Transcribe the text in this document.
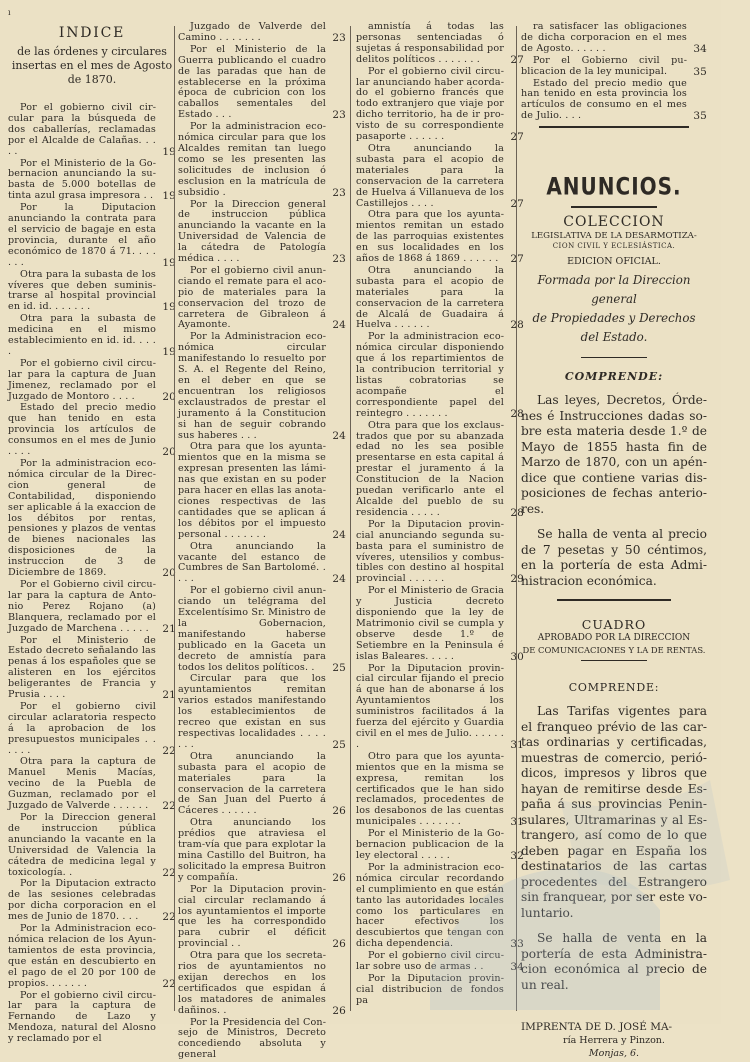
ı
INDICE
de las órdenes y circulares
insertas en el mes de Agosto
de 1870.
Por el gobierno civil circular para la búsqueda de dos caballerías, reclamadas por el Alcalde de Calañas. . . . .	19
Por el Ministerio de la Gobernacion anunciando la subasta de 5.000 botellas de tinta azul grasa impresora . . 19
Por la Diputacion anunciando la contrata para el servicio de bagaje en esta provincia, durante el año económico de 1870 á 71. . . . . . .	19
Otra para la subasta de los víveres que deben suministrarse al hospital provincial en id. id. . . . . . .	19
Otra para la subasta de medicina en el mismo establecimiento en id. id. . . . .	19
Por el gobierno civil circular para la captura de Juan Jimenez, reclamado por el Juzgado de Montoro . . . .	20
Estado del precio medio que han tenido en esta provincia los artículos de consumos en el mes de Junio . . . .	20
Por la administracion económica circular de la Direccion general de Contabilidad, disponiendo ser aplicable á la exaccion de los débitos por rentas, pensiones y plazos de ventas de bienes nacionales las disposiciones de la instruccion de 3 de Diciembre de 1869.	20
Por el Gobierno civil circular para la captura de Antonio Perez Rojano (a) Blanquera, reclamado por el Juzgado de Marchena . . . . .	21
Por el Ministerio de Estado decreto señalando las penas á los españoles que se alisteren en los ejércitos beligerantes de Francia y Prusia . . . .	21
Por el gobierno civil circular aclaratoria respecto á la aprobacion de los presupuestos municipales . . . . . .	22
Otra para la captura de Manuel Menis Macías, vecino de la Puebla de Guzman, reclamado por el Juzgado de Valverde . . . . . .	22
Por la Direccion general de instruccion pública anunciando la vacante en la Universidad de Valencia la cátedra de medicina legal y toxicología. .	22
Por la Diputacion extracto de las sesiones celebradas por dicha corporacion en el mes de Junio de 1870. . . .	22
Por la Administracion económica relacion de los Ayuntamientos de esta provincia, que están en descubierto en el pago de el 20 por 100 de propios. . . . . . .	22
Por el gobierno civil circular para la captura de Fernando de Lazo y Mendoza, natural del Alosno y reclamado por el
Juzgado de Valverde del Camino . . . . . . .	23
Por el Ministerio de la Guerra publicando el cuadro de las paradas que han de establecerse en la próxima época de cubricion con los caballos sementales del Estado . . .	23
Por la administracion económica circular para que los Alcaldes remitan tan luego como se les presenten las solicitudes de inclusion ó esclusion en la matrícula de subsidio .	23
Por la Direccion general de instruccion pública anunciando la vacante en la Universidad de Valencia de la cátedra de Patología médica . . . .	23
Por el gobierno civil anunciando el remate para el acopio de materiales para la conservacion del trozo de carretera de Gibraleon á Ayamonte.	24
Por la Administracion económica circular manifestando lo resuelto por S. A. el Regente del Reino, en el deber en que se encuentran los religiosos exclaustrados de prestar el juramento á la Constitucion si han de seguir cobrando sus haberes . . .	24
Otra para que los ayuntamientos que en la misma se expresan presenten las láminas que existan en su poder para hacer en ellas las anotaciones respectivas de las cantidades que se aplican á los débitos por el impuesto personal . . . . . . .	24
Otra anunciando la vacante del estanco de Cumbres de San Bartolomé. . . . .	24
Por el gobierno civil anunciando un telégrama del Excelentísimo Sr. Ministro de la Gobernacion, manifestando haberse publicado en la Gaceta un decreto de amnistía para todos los delitos políticos. .	25
Circular para que los ayuntamientos remitan varios estados manifestando los establecimientos de recreo que existan en sus respectivas localidades . . . . . . .	25
Otra anunciando la subasta para el acopio de materiales para la conservacion de la carretera de San Juan del Puerto á Cáceres . . . . . .	26
Otra anunciando los prédios que atraviesa el tram-vía que para explotar la mina Castillo del Buitron, ha solicitado la empresa Buitron y compañía.	26
Por la Diputacion provincial circular reclamando á los ayuntamientos el importe que les ha correspondido para cubrir el déficit provincial . .	26
Otra para que los secretarios de ayuntamientos no exijan derechos en los certificados que espidan á los matadores de animales dañinos. .	26
Por la Presidencia del Consejo de Ministros, Decreto concediendo absoluta y general
amnistía á todas las personas sentenciadas ó sujetas á responsabilidad por delitos políticos . . . . . . .	27
Por el gobierno civil circular anunciando haber acordado el gobierno francés que todo extranjero que viaje por dicho territorio, ha de ir provisto de su correspondiente pasaporte . . . . . .	27
Otra anunciando la subasta para el acopio de materiales para la conservacion de la carretera de Huelva á Villanueva de los Castillejos . . . .	27
Otra para que los ayuntamientos remitan un estado de las parroquias existentes en sus localidades en los años de 1868 á 1869 . . . . . .	27
Otra anunciando la subasta para el acopio de materiales para la conservacion de la carretera de Alcalá de Guadaira á Huelva . . . . . .	28
Por la administracion económica circular disponiendo que á los repartimientos de la contribucion territorial y listas cobratorias se acompañe el correspondiente papel del reintegro . . . . . . .	28
Otra para que los exclaustrados que por su abanzada edad no les sea posible presentarse en esta capital á prestar el juramento á la Constitucion de la Nacion puedan verificarlo ante el Alcalde del pueblo de su residencia . . . . .	28
Por la Diputacion provincial anunciando segunda subasta para el suministro de víveres, utensilios y combustibles con destino al hospital provincial . . . . . .	29
Por el Ministerio de Gracia y Justicia decreto disponiendo que la ley de Matrimonio civil se cumpla y observe desde 1.º de Setiembre en la Peninsula é islas Baleares. . . . .	30
Por la Diputacion provincial circular fijando el precio á que han de abonarse á los Ayuntamientos los suministros facilitados á la fuerza del ejército y Guardia civil en el mes de Julio. . . . . . .	31
Otro para que los ayuntamientos que en la misma se expresa, remitan los certificados que le han sido reclamados, procedentes de los desabonos de las cuentas municipales . . . . . . .	31
Por el Ministerio de la Gobernacion publicacion de la ley electoral . . . . .	32
Por la administracion económica circular recordando el cumplimiento en que están tanto las autoridades locales como los particulares en hacer efectivos los descubiertos que tengan con dicha dependencia.	33
Por el gobierno civil circular sobre uso de armas . .	34
Por la Diputacion provincial distribucion de fondos pa
ra satisfacer las obligaciones de dicha corporacion en el mes de Agosto. . . . . .	34
Por el Gobierno civil publicacion de la ley municipal.	35
Estado del precio medio que han tenido en esta provincia los artículos de consumo en el mes de Julio. . . .	35
ANUNCIOS.
COLECCION
LEGISLATIVA DE LA DESARMOTIZA-
CION CIVIL Y ECLESIÁSTICA.
EDICION OFICIAL.
Formada por la Direccion general
de Propiedades y Derechos
del Estado.
COMPRENDE:

Las leyes, Decretos, Órdenes é Instrucciones dadas sobre esta materia desde 1.º de Mayo de 1855 hasta fin de Marzo de 1870, con un apéndice que contiene varias disposiciones de fechas anteriores.

Se halla de venta al precio de 7 pesetas y 50 céntimos, en la portería de esta Administracion económica.

CUADRO
APROBADO POR LA DIRECCION
DE COMUNICACIONES Y LA DE RENTAS.
COMPRENDE:

Las Tarifas vigentes para el franqueo prévio de las cartas ordinarias y certificadas, muestras de comercio, periódicos, impresos y libros que hayan de remitirse desde España á sus provincias Peninsulares, Ultramarinas y al Estrangero, así como de lo que deben pagar en España los destinatarios de las cartas procedentes del Estrangero sin franquear, por ser este voluntario.

Se halla de venta en la portería de esta Administracion económica al precio de un real.

IMPRENTA DE D. JOSÉ MA-
ría Herrera y Pinzon.
Monjas, 6.
